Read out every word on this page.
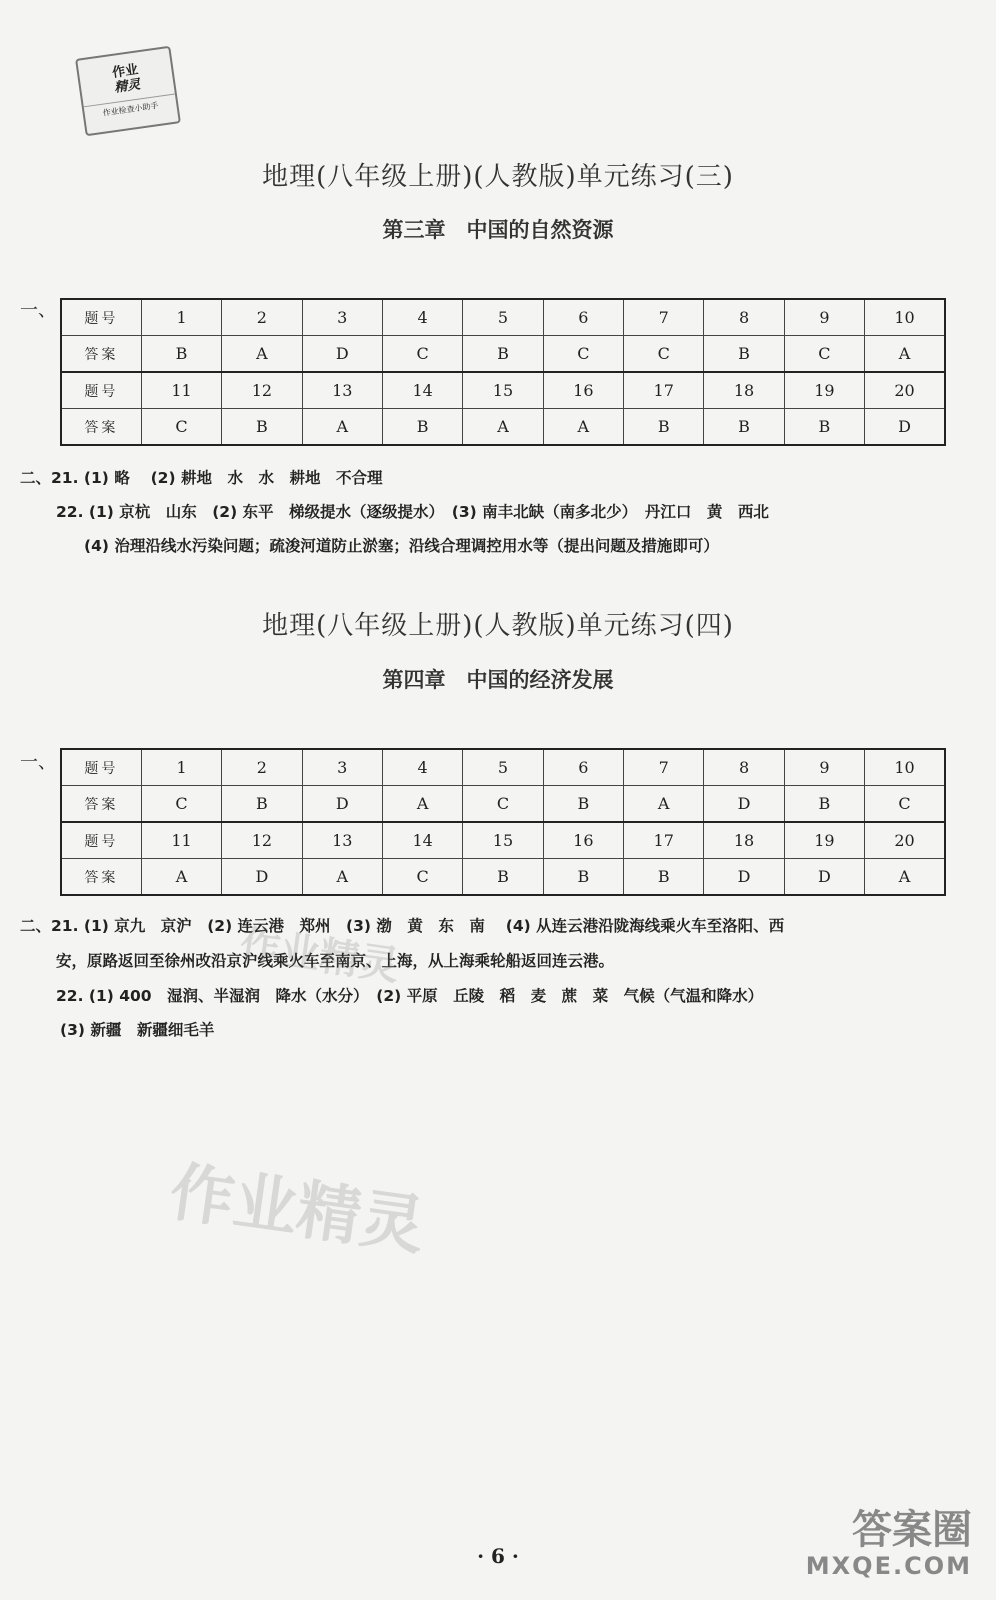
作业
精灵
作业检查小助手
地理(八年级上册)(人教版)单元练习(三)
第三章　中国的自然资源
一、 题号	1	2	3	4	5	6	7	8	9	10
答案	B	A	D	C	B	C	C	B	C	A
题号	11	12	13	14	15	16	17	18	19	20
答案	C	B	A	B	A	A	B	B	B	D
二、21. (1) 略　 (2) 耕地　水　水　耕地　不合理
22. (1) 京杭　山东　(2) 东平　梯级提水（逐级提水）　(3) 南丰北缺（南多北少）　丹江口　黄　西北
(4) 治理沿线水污染问题；疏浚河道防止淤塞；沿线合理调控用水等（提出问题及措施即可）
地理(八年级上册)(人教版)单元练习(四)
第四章　中国的经济发展
一、 题号	1	2	3	4	5	6	7	8	9	10
答案	C	B	D	A	C	B	A	D	B	C
题号	11	12	13	14	15	16	17	18	19	20
答案	A	D	A	C	B	B	B	D	D	A
二、21. (1) 京九　京沪　(2) 连云港　郑州　(3) 渤　黄　东　南　 (4) 从连云港沿陇海线乘火车至洛阳、西
安，原路返回至徐州改沿京沪线乘火车至南京、上海，从上海乘轮船返回连云港。
22. (1) 400　湿润、半湿润　降水（水分）　(2) 平原　丘陵　稻　麦　蔗　菜　气候（气温和降水）
(3) 新疆　新疆细毛羊
作业精灵
作业精灵
· 6 ·
答案圈
MXQE.COM
